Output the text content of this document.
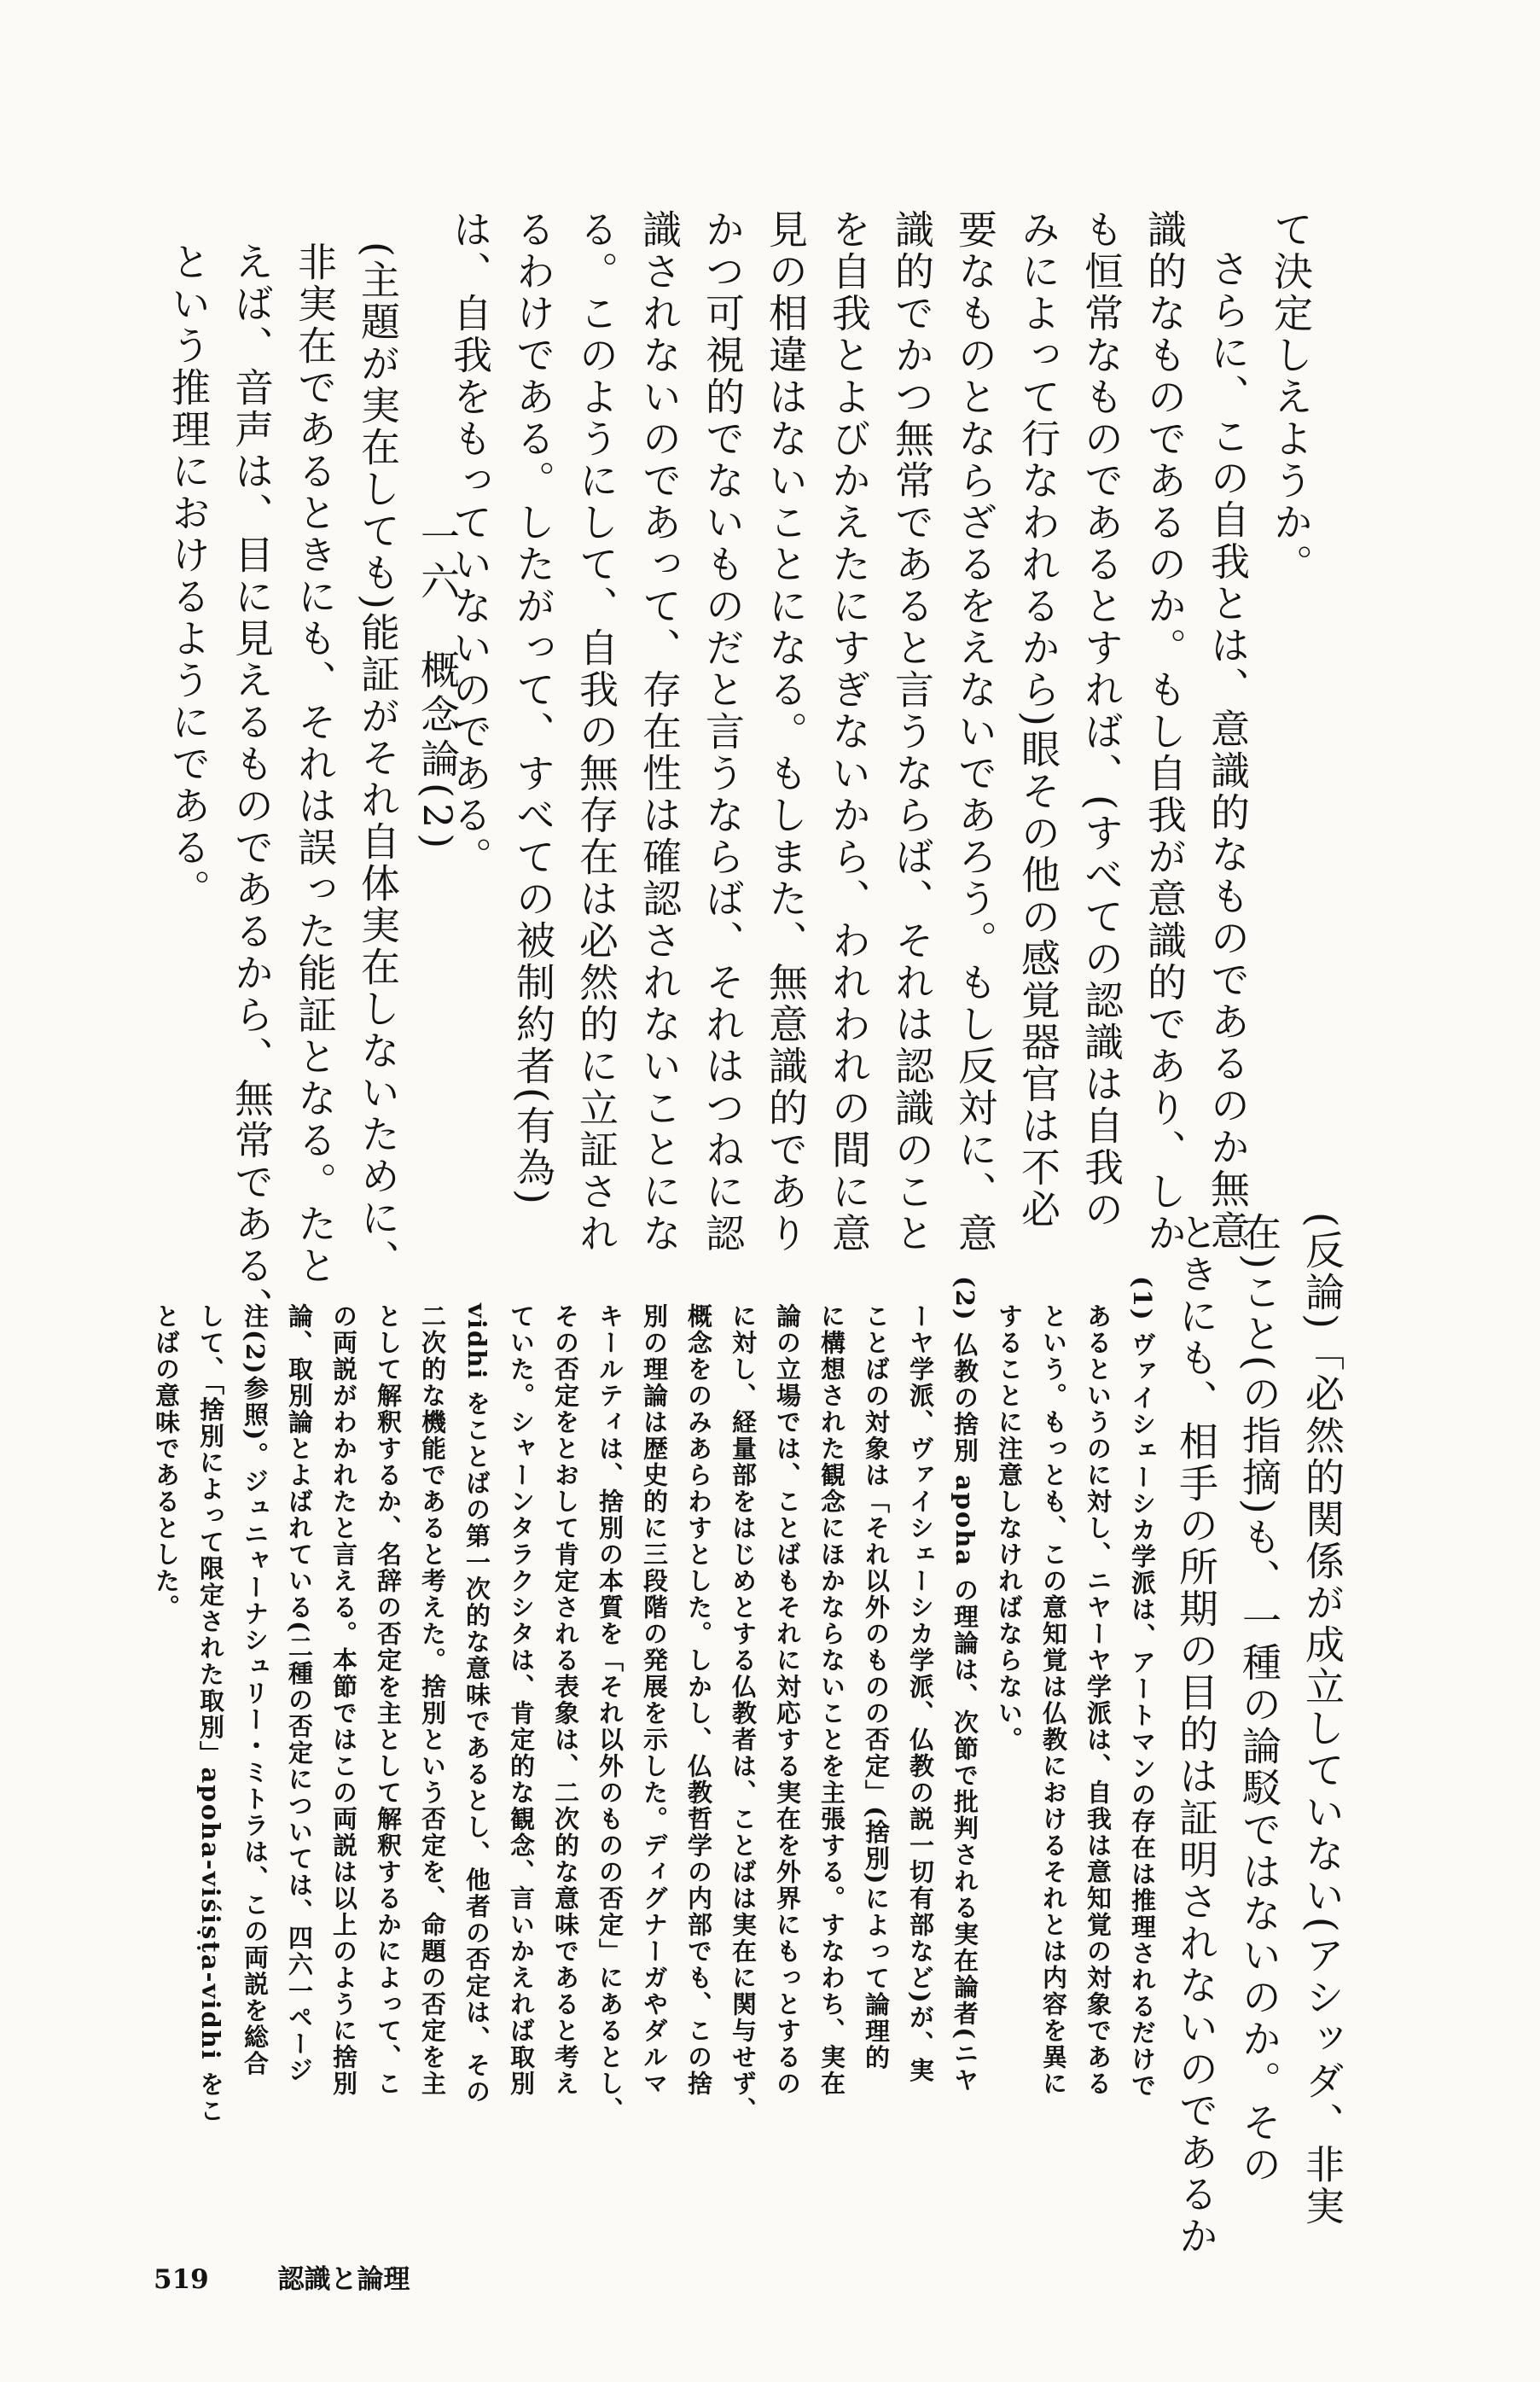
て決定しえようか。
さらに、この自我とは、意識的なものであるのか無意
識的なものであるのか。もし自我が意識的であり、しか
も恒常なものであるとすれば、(すべての認識は自我の
みによって行なわれるから)眼その他の感覚器官は不必
要なものとならざるをえないであろう。もし反対に、意
識的でかつ無常であると言うならば、それは認識のこと
を自我とよびかえたにすぎないから、われわれの間に意
見の相違はないことになる。もしまた、無意識的であり
かつ可視的でないものだと言うならば、それはつねに認
識されないのであって、存在性は確認されないことにな
る。このようにして、自我の無存在は必然的に立証され
るわけである。したがって、すべての被制約者(有為)
は、自我をもっていないのである。
一六　概念論(2)
(主題が実在しても)能証がそれ自体実在しないために、
非実在であるときにも、それは誤った能証となる。たと
えば、音声は、目に見えるものであるから、無常である、
という推理におけるようにである。
(反論)「必然的関係が成立していない(アシッダ、非実
在)こと(の指摘)も、一種の論駁ではないのか。その
ときにも、相手の所期の目的は証明されないのであるか
(1) ヴァイシェーシカ学派は、アートマンの存在は推理されるだけで
あるというのに対し、ニヤーヤ学派は、自我は意知覚の対象である
という。もっとも、この意知覚は仏教におけるそれとは内容を異に
することに注意しなければならない。
(2) 仏教の捨別 apoha の理論は、次節で批判される実在論者(ニヤ
ーヤ学派、ヴァイシェーシカ学派、仏教の説一切有部など)が、実
ことばの対象は「それ以外のものの否定」(捨別)によって論理的
に構想された観念にほかならないことを主張する。すなわち、実在
論の立場では、ことばもそれに対応する実在を外界にもっとするの
に対し、経量部をはじめとする仏教者は、ことばは実在に関与せず、
概念をのみあらわすとした。しかし、仏教哲学の内部でも、この捨
別の理論は歴史的に三段階の発展を示した。ディグナーガやダルマ
キールティは、捨別の本質を「それ以外のものの否定」にあるとし、
その否定をとおして肯定される表象は、二次的な意味であると考え
ていた。シャーンタラクシタは、肯定的な観念、言いかえれば取別
vidhi をことばの第一次的な意味であるとし、他者の否定は、その
二次的な機能であると考えた。捨別という否定を、命題の否定を主
として解釈するか、名辞の否定を主として解釈するかによって、こ
の両説がわかれたと言える。本節ではこの両説は以上のように捨別
論、取別論とよばれている(二種の否定については、四六一ページ
注(2)参照)。ジュニャーナシュリー・ミトラは、この両説を総合
して、「捨別によって限定された取別」apoha-viśiṣṭa-vidhi をこ
とばの意味であるとした。
519	認識と論理
